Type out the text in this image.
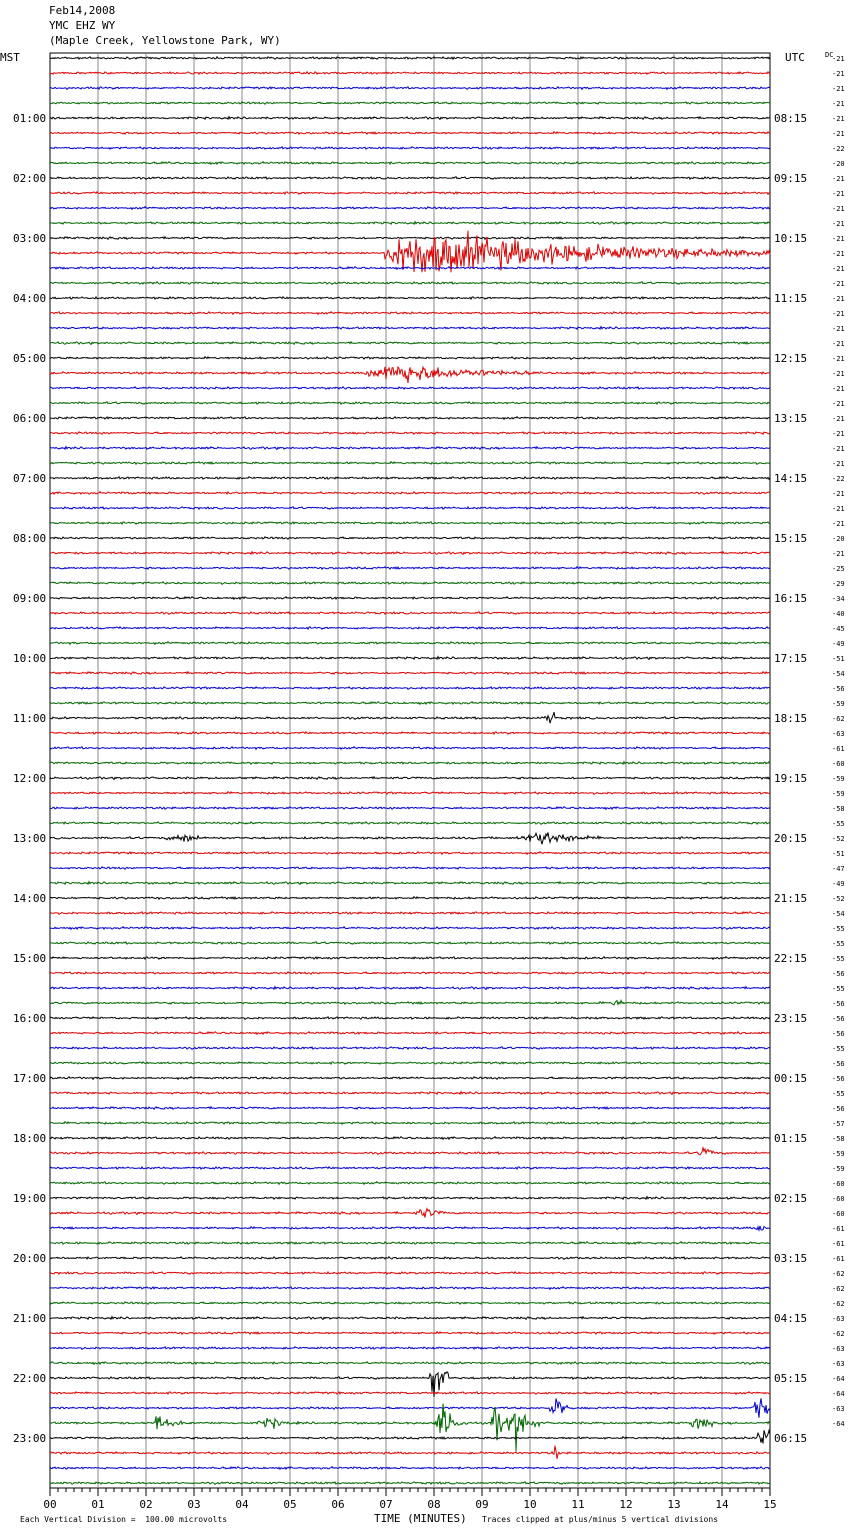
Feb14,2008
YMC EHZ WY
(Maple Creek, Yellowstone Park, WY)
00	01	02	03	04	05	06	07	08	09	10	11	12	13	14	15
MST	UTC	DC
01:00
02:00
03:00
04:00
05:00
06:00
07:00
08:00
09:00
10:00
11:00
12:00
13:00
14:00
15:00
16:00
17:00
18:00
19:00
20:00
21:00
22:00
23:00
08:15
09:15
10:15
11:15
12:15
13:15
14:15
15:15
16:15
17:15
18:15
19:15
20:15
21:15
22:15
23:15
00:15
01:15
02:15
03:15
04:15
05:15
06:15
-21
-21
-21
-21
-21
-21
-22
-20
-21
-21
-21
-21
-21
-21
-21
-21
-21
-21
-21
-21
-21
-21
-21
-21
-21
-21
-21
-21
-22
-21
-21
-21
-20
-21
-25
-29
-34
-40
-45
-49
-51
-54
-56
-59
-62
-63
-61
-60
-59
-59
-58
-55
-52
-51
-47
-49
-52
-54
-55
-55
-55
-56
-55
-56
-56
-56
-55
-56
-56
-55
-56
-57
-58
-59
-59
-60
-60
-60
-61
-61
-61
-62
-62
-62
-63
-62
-63
-63
-64
-64
-63
-64
Each Vertical Division =  100.00 microvolts	TIME (MINUTES) Traces clipped at plus/minus 5 vertical divisions
